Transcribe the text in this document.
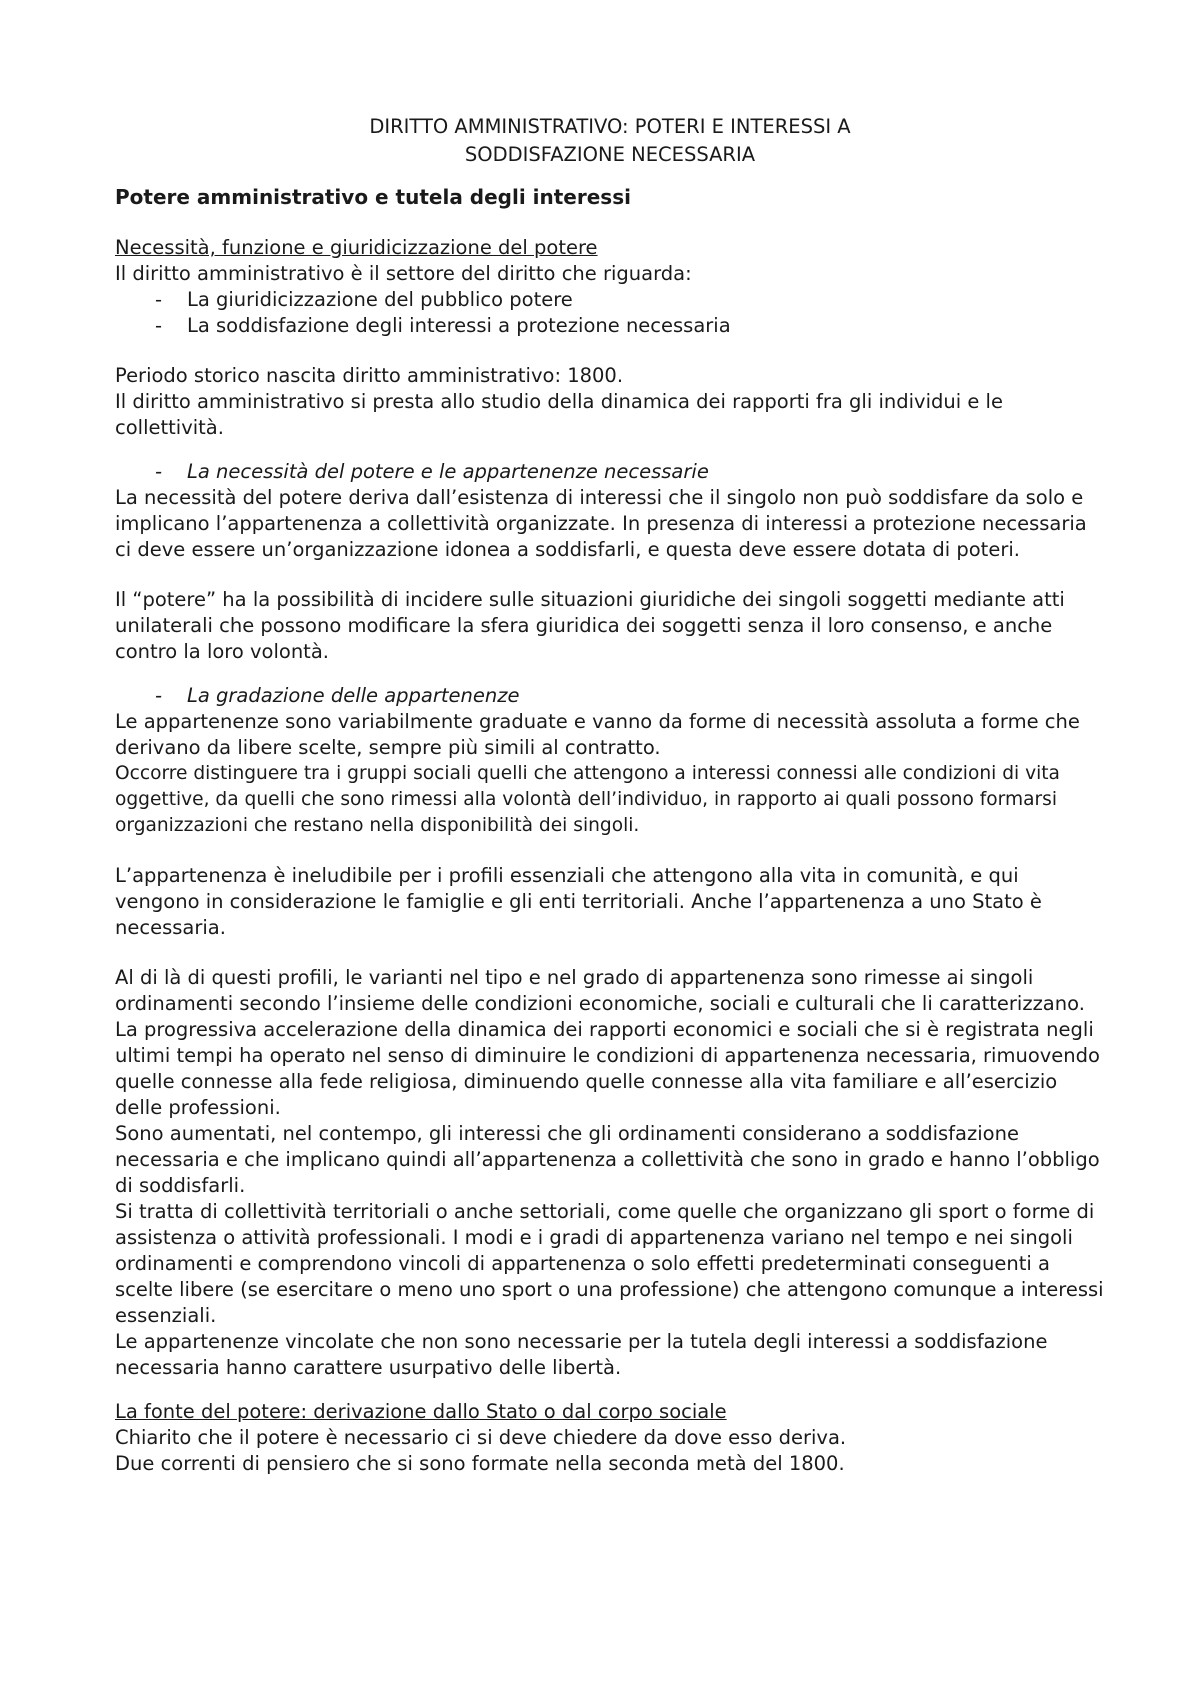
DIRITTO AMMINISTRATIVO: POTERI E INTERESSI A
SODDISFAZIONE NECESSARIA

Potere amministrativo e tutela degli interessi

Necessità, funzione e giuridicizzazione del potere

Il diritto amministrativo è il settore del diritto che riguarda:

- La giuridicizzazione del pubblico potere
- La soddisfazione degli interessi a protezione necessaria

Periodo storico nascita diritto amministrativo: 1800.

Il diritto amministrativo si presta allo studio della dinamica dei rapporti fra gli individui e le collettività.

- La necessità del potere e le appartenenze necessarie

La necessità del potere deriva dall’esistenza di interessi che il singolo non può soddisfare da solo e implicano l’appartenenza a collettività organizzate. In presenza di interessi a protezione necessaria ci deve essere un’organizzazione idonea a soddisfarli, e questa deve essere dotata di poteri.

Il “potere” ha la possibilità di incidere sulle situazioni giuridiche dei singoli soggetti mediante atti unilaterali che possono modificare la sfera giuridica dei soggetti senza il loro consenso, e anche contro la loro volontà.

- La gradazione delle appartenenze

Le appartenenze sono variabilmente graduate e vanno da forme di necessità assoluta a forme che derivano da libere scelte, sempre più simili al contratto.

Occorre distinguere tra i gruppi sociali quelli che attengono a interessi connessi alle condizioni di vita oggettive, da quelli che sono rimessi alla volontà dell’individuo, in rapporto ai quali possono formarsi organizzazioni che restano nella disponibilità dei singoli.

L’appartenenza è ineludibile per i profili essenziali che attengono alla vita in comunità, e qui vengono in considerazione le famiglie e gli enti territoriali. Anche l’appartenenza a uno Stato è necessaria.

Al di là di questi profili, le varianti nel tipo e nel grado di appartenenza sono rimesse ai singoli ordinamenti secondo l’insieme delle condizioni economiche, sociali e culturali che li caratterizzano.

La progressiva accelerazione della dinamica dei rapporti economici e sociali che si è registrata negli ultimi tempi ha operato nel senso di diminuire le condizioni di appartenenza necessaria, rimuovendo quelle connesse alla fede religiosa, diminuendo quelle connesse alla vita familiare e all’esercizio delle professioni.

Sono aumentati, nel contempo, gli interessi che gli ordinamenti considerano a soddisfazione necessaria e che implicano quindi all’appartenenza a collettività che sono in grado e hanno l’obbligo di soddisfarli.

Si tratta di collettività territoriali o anche settoriali, come quelle che organizzano gli sport o forme di assistenza o attività professionali. I modi e i gradi di appartenenza variano nel tempo e nei singoli ordinamenti e comprendono vincoli di appartenenza o solo effetti predeterminati conseguenti a scelte libere (se esercitare o meno uno sport o una professione) che attengono comunque a interessi essenziali.

Le appartenenze vincolate che non sono necessarie per la tutela degli interessi a soddisfazione necessaria hanno carattere usurpativo delle libertà.

La fonte del potere: derivazione dallo Stato o dal corpo sociale

Chiarito che il potere è necessario ci si deve chiedere da dove esso deriva.

Due correnti di pensiero che si sono formate nella seconda metà del 1800.
